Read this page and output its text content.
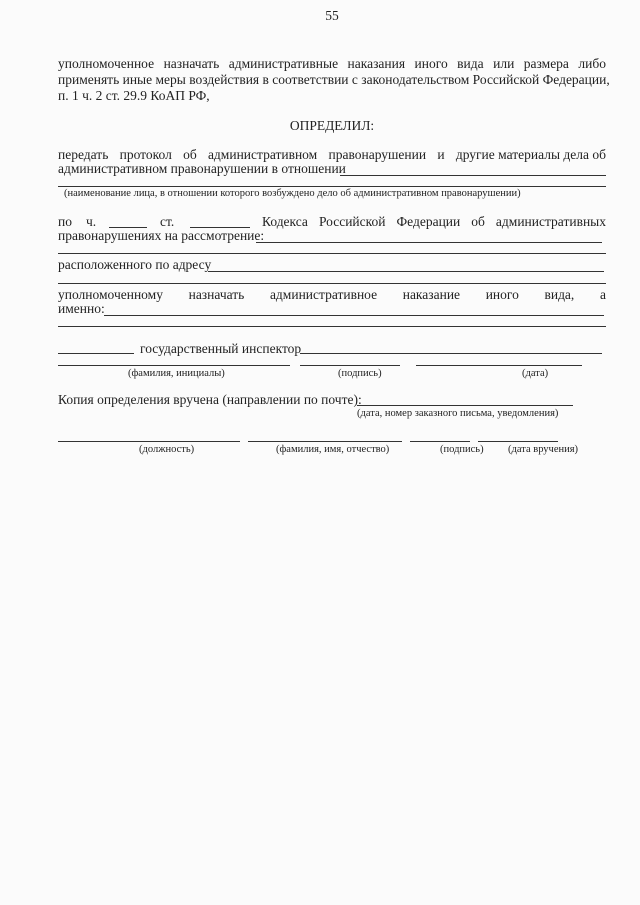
55
уполномоченное назначать административные наказания иного вида или размера либо
применять иные меры воздействия в соответствии с законодательством Российской Федерации,
п. 1 ч. 2 ст. 29.9 КоАП РФ,
ОПРЕДЕЛИЛ:
передать протокол об административном правонарушении и другие материалы дела об
административном правонарушении в отношении
(наименование лица, в отношении которого возбуждено дело об административном правонарушении)
по ч.	ст.	Кодекса Российской Федерации об административных
правонарушениях на рассмотрение:
расположенного по адресу
уполномоченному назначать административное наказание иного вида, а
именно:
государственный инспектор
(фамилия, инициалы)	(подпись)	(дата)
Копия определения вручена (направлении по почте):
(дата, номер заказного письма, уведомления)
(должность)	(фамилия, имя, отчество)	(подпись) (дата вручения)
